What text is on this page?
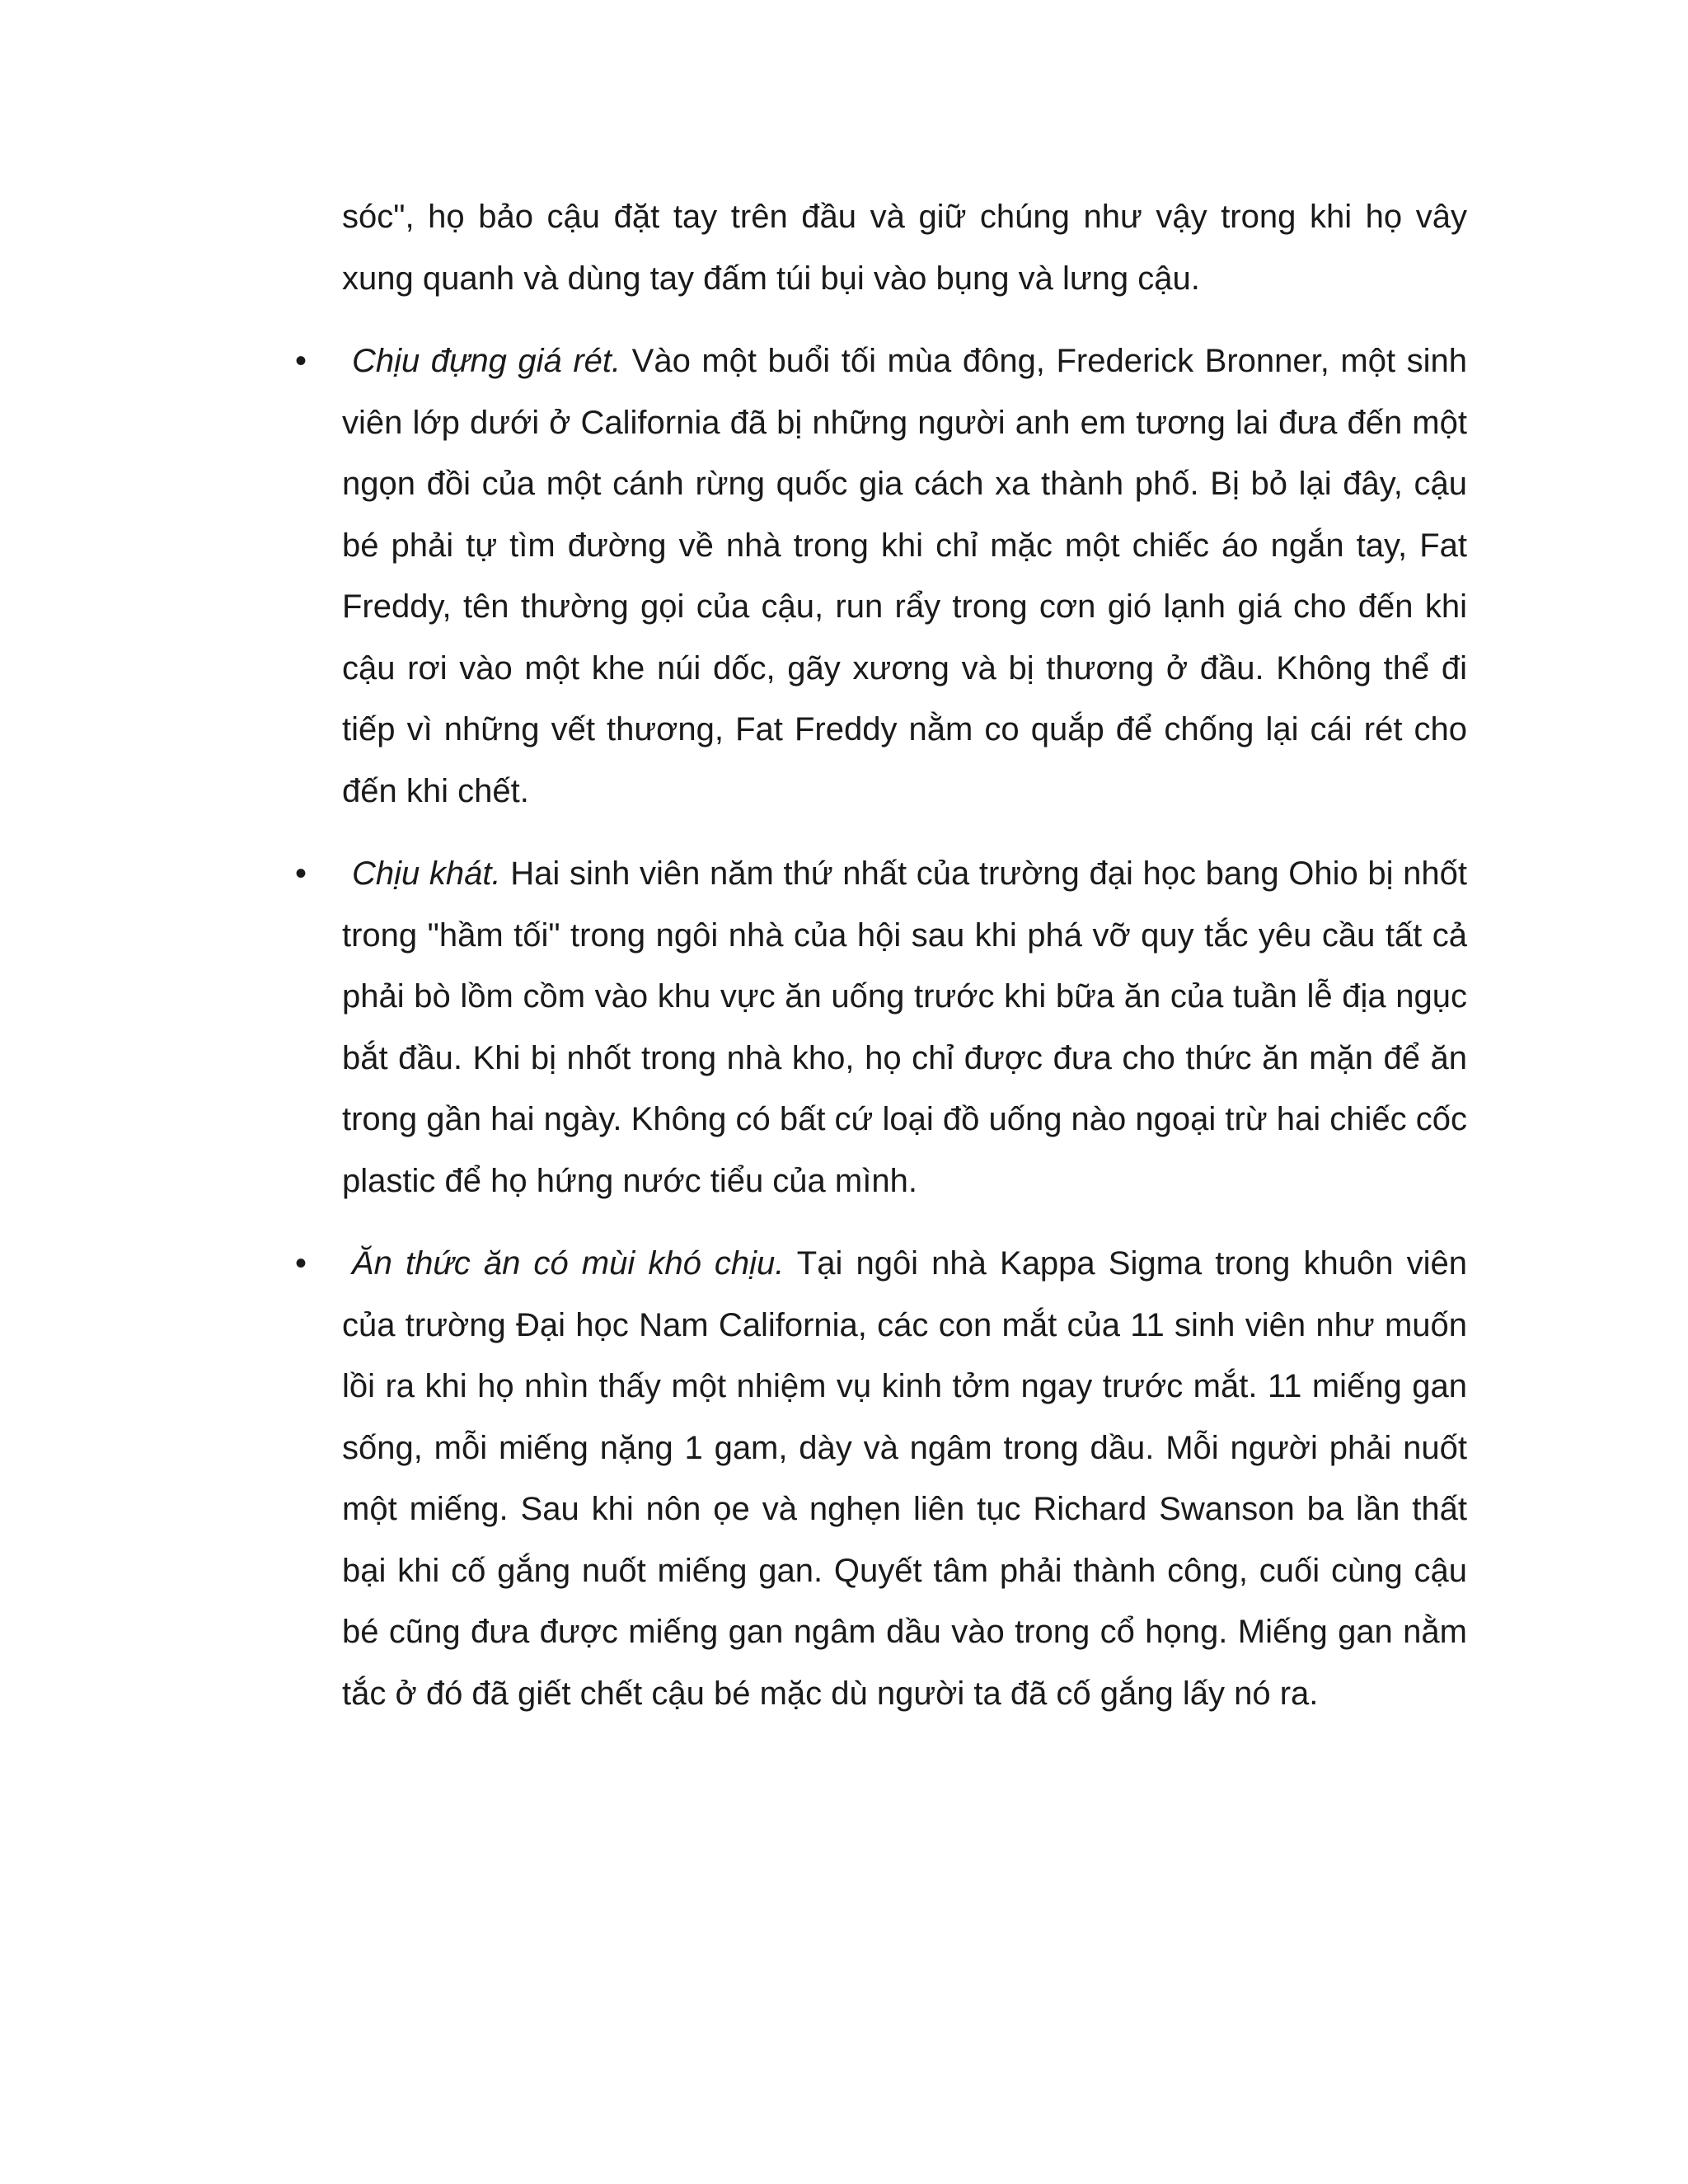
sóc", họ bảo cậu đặt tay trên đầu và giữ chúng như vậy trong khi họ vây xung quanh và dùng tay đấm túi bụi vào bụng và lưng cậu.

• Chịu đựng giá rét. Vào một buổi tối mùa đông, Frederick Bronner, một sinh viên lớp dưới ở California đã bị những người anh em tương lai đưa đến một ngọn đồi của một cánh rừng quốc gia cách xa thành phố. Bị bỏ lại đây, cậu bé phải tự tìm đường về nhà trong khi chỉ mặc một chiếc áo ngắn tay, Fat Freddy, tên thường gọi của cậu, run rẩy trong cơn gió lạnh giá cho đến khi cậu rơi vào một khe núi dốc, gãy xương và bị thương ở đầu. Không thể đi tiếp vì những vết thương, Fat Freddy nằm co quắp để chống lại cái rét cho đến khi chết.
• Chịu khát. Hai sinh viên năm thứ nhất của trường đại học bang Ohio bị nhốt trong "hầm tối" trong ngôi nhà của hội sau khi phá vỡ quy tắc yêu cầu tất cả phải bò lồm cồm vào khu vực ăn uống trước khi bữa ăn của tuần lễ địa ngục bắt đầu. Khi bị nhốt trong nhà kho, họ chỉ được đưa cho thức ăn mặn để ăn trong gần hai ngày. Không có bất cứ loại đồ uống nào ngoại trừ hai chiếc cốc plastic để họ hứng nước tiểu của mình.
• Ăn thức ăn có mùi khó chịu. Tại ngôi nhà Kappa Sigma trong khuôn viên của trường Đại học Nam California, các con mắt của 11 sinh viên như muốn lồi ra khi họ nhìn thấy một nhiệm vụ kinh tởm ngay trước mắt. 11 miếng gan sống, mỗi miếng nặng 1 gam, dày và ngâm trong dầu. Mỗi người phải nuốt một miếng. Sau khi nôn ọe và nghẹn liên tục Richard Swanson ba lần thất bại khi cố gắng nuốt miếng gan. Quyết tâm phải thành công, cuối cùng cậu bé cũng đưa được miếng gan ngâm dầu vào trong cổ họng. Miếng gan nằm tắc ở đó đã giết chết cậu bé mặc dù người ta đã cố gắng lấy nó ra.
